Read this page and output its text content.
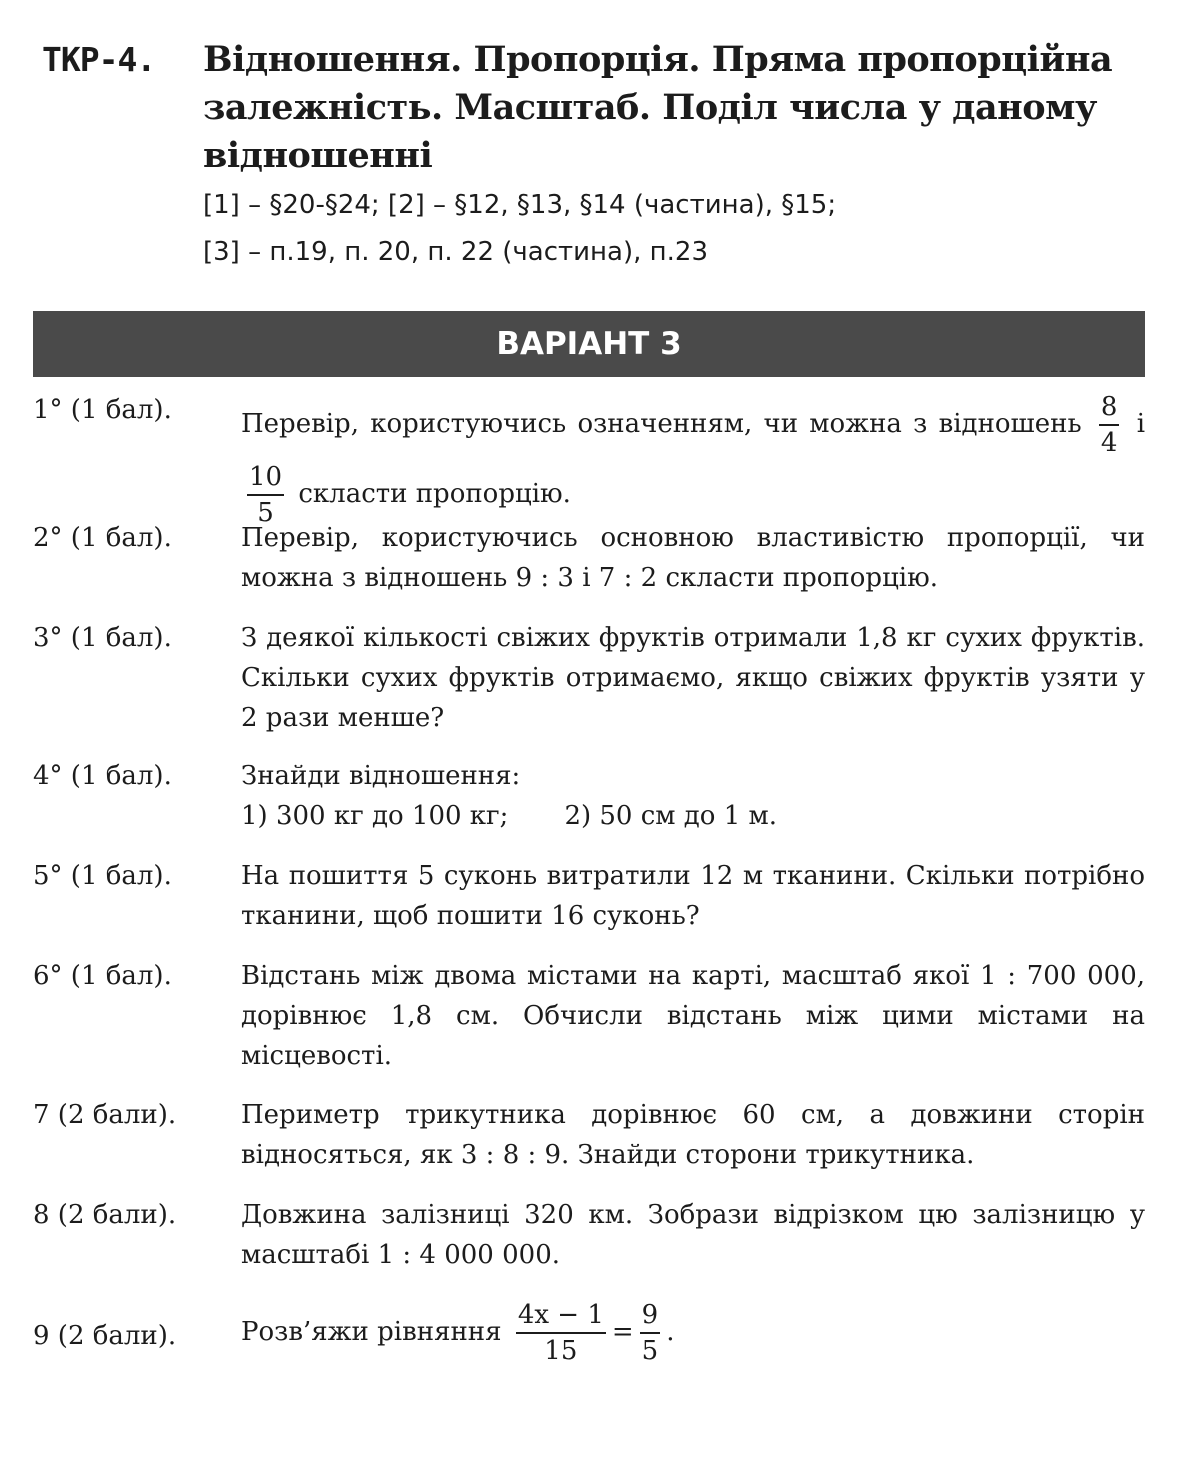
ТКР-4. Відношення. Пропорція. Пряма пропорційна залежність. Масштаб. Поділ числа у даному відношенні
[1] – §20-§24; [2] – §12, §13, §14 (частина), §15;
[3] – п.19, п. 20, п. 22 (частина), п.23
ВАРІАНТ 3
1° (1 бал).	Перевір, користуючись означенням, чи можна з відношень $\frac{8}{4}$ і
$\frac{10}{5}$ скласти пропорцію.
2° (1 бал).	Перевір, користуючись основною властивістю пропорції, чи можна з відношень 9 : 3 і 7 : 2 скласти пропорцію.
3° (1 бал).	З деякої кількості свіжих фруктів отримали 1,8 кг сухих фруктів. Скільки сухих фруктів отримаємо, якщо свіжих фруктів узяти у 2 рази менше?
4° (1 бал).	Знайди відношення:
1) 300 кг до 100 кг; 2) 50 см до 1 м.
5° (1 бал).	На пошиття 5 суконь витратили 12 м тканини. Скільки потрібно тканини, щоб пошити 16 суконь?
6° (1 бал).	Відстань між двома містами на карті, масштаб якої 1 : 700 000, дорівнює 1,8 см. Обчисли відстань між цими містами на місцевості.
7 (2 бали). Периметр трикутника дорівнює 60 см, а довжини сторін відносяться, як 3 : 8 : 9. Знайди сторони трикутника.
8 (2 бали). Довжина залізниці 320 км. Зобрази відрізком цю залізницю у масштабі 1 : 4 000 000.
9 (2 бали). Розв’яжи рівняння $\frac{4x - 1}{15} = \frac{9}{5}$ .
